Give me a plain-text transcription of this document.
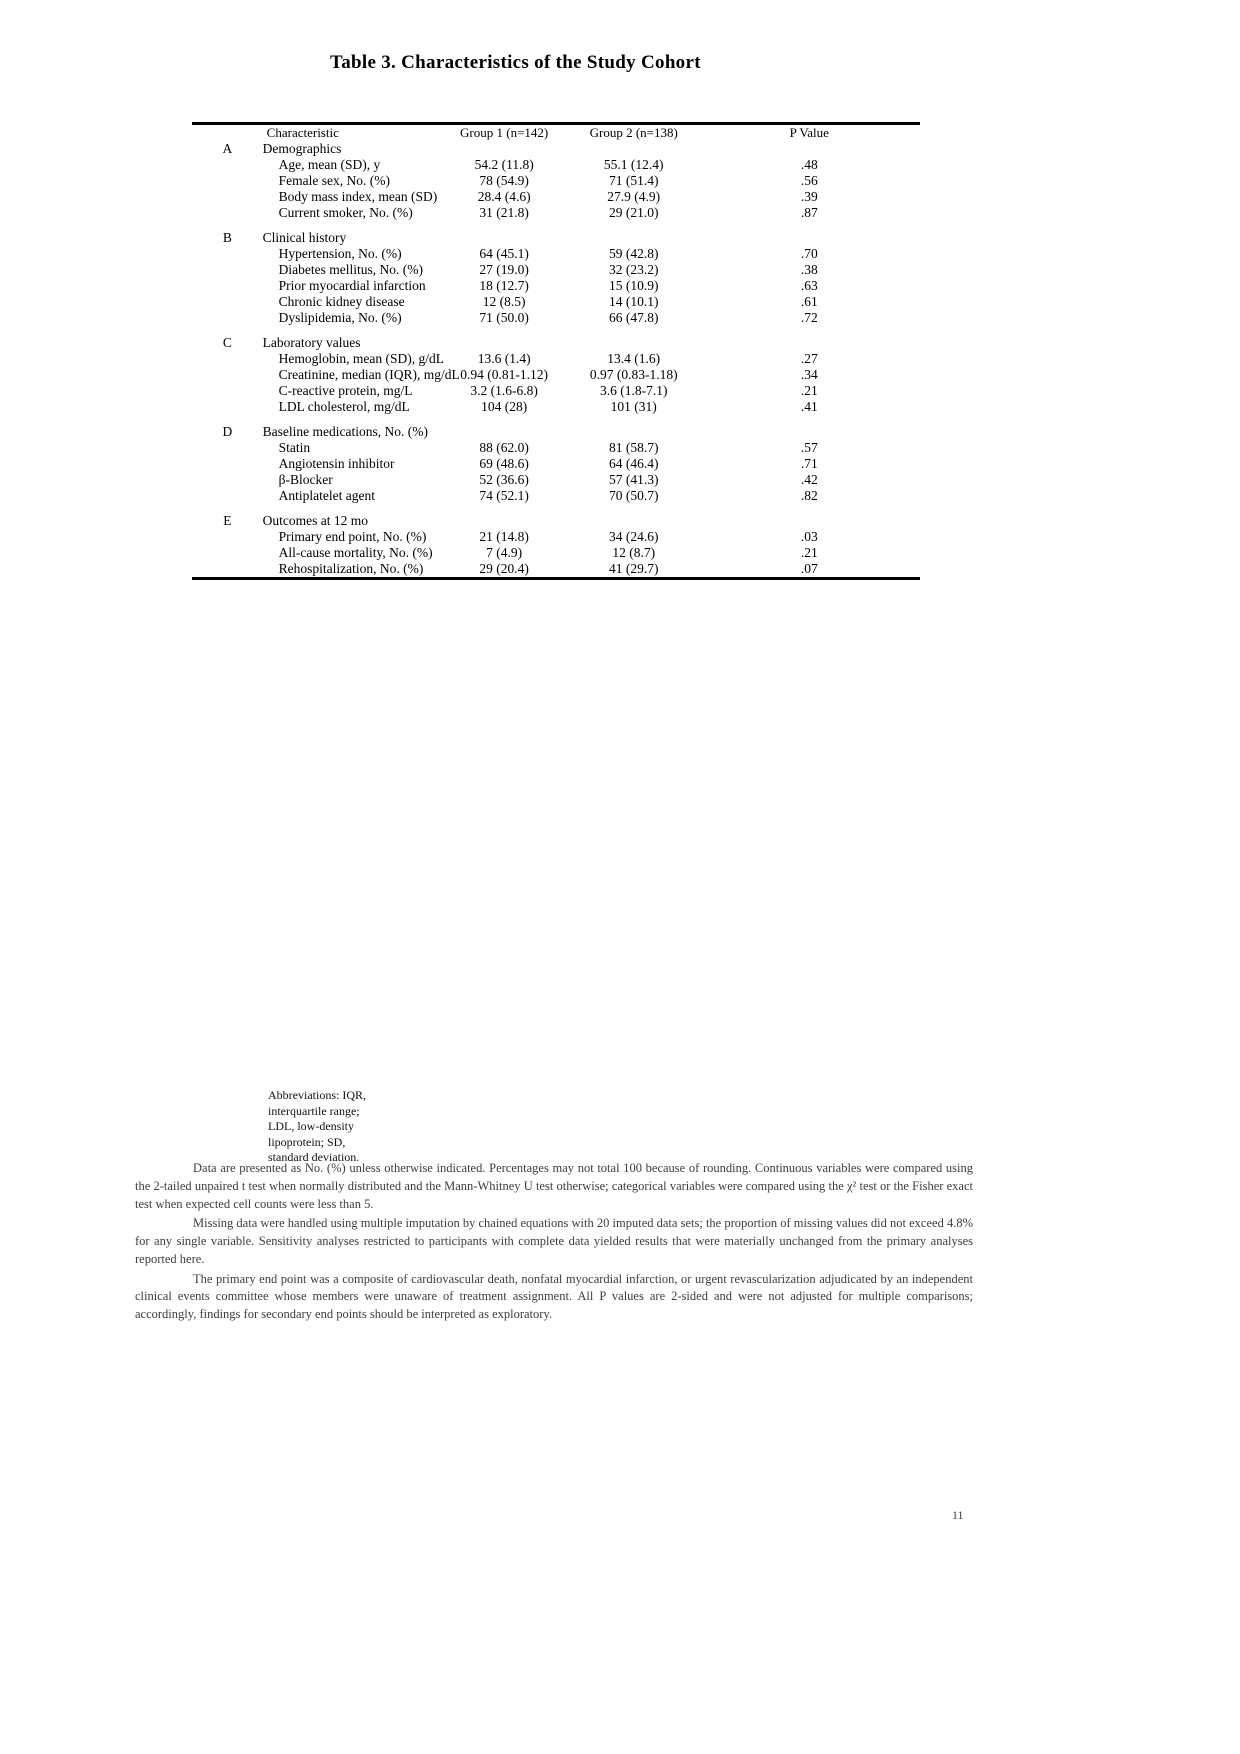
Table 3. Characteristics of the Study Cohort
	Characteristic	Group 1 (n=142)	Group 2 (n=138)	P Value
A	Demographics			
	Age, mean (SD), y	54.2 (11.8)	55.1 (12.4)	.48
	Female sex, No. (%)	78 (54.9)	71 (51.4)	.56
	Body mass index, mean (SD)	28.4 (4.6)	27.9 (4.9)	.39
	Current smoker, No. (%)	31 (21.8)	29 (21.0)	.87

B	Clinical history			
	Hypertension, No. (%)	64 (45.1)	59 (42.8)	.70
	Diabetes mellitus, No. (%)	27 (19.0)	32 (23.2)	.38
	Prior myocardial infarction	18 (12.7)	15 (10.9)	.63
	Chronic kidney disease	12 (8.5)	14 (10.1)	.61
	Dyslipidemia, No. (%)	71 (50.0)	66 (47.8)	.72

C	Laboratory values			
	Hemoglobin, mean (SD), g/dL	13.6 (1.4)	13.4 (1.6)	.27
	Creatinine, median (IQR), mg/dL	0.94 (0.81-1.12)	0.97 (0.83-1.18)	.34
	C-reactive protein, mg/L	3.2 (1.6-6.8)	3.6 (1.8-7.1)	.21
	LDL cholesterol, mg/dL	104 (28)	101 (31)	.41

D	Baseline medications, No. (%)			
	Statin	88 (62.0)	81 (58.7)	.57
	Angiotensin inhibitor	69 (48.6)	64 (46.4)	.71
	β-Blocker	52 (36.6)	57 (41.3)	.42
	Antiplatelet agent	74 (52.1)	70 (50.7)	.82

E	Outcomes at 12 mo			
	Primary end point, No. (%)	21 (14.8)	34 (24.6)	.03
	All-cause mortality, No. (%)	7 (4.9)	12 (8.7)	.21
	Rehospitalization, No. (%)	29 (20.4)	41 (29.7)	.07
Abbreviations: IQR, interquartile range; LDL, low-density lipoprotein; SD, standard deviation.

Data are presented as No. (%) unless otherwise indicated. Percentages may not total 100 because of rounding. Continuous variables were compared using the 2-tailed unpaired t test when normally distributed and the Mann-Whitney U test otherwise; categorical variables were compared using the χ² test or the Fisher exact test when expected cell counts were less than 5.

Missing data were handled using multiple imputation by chained equations with 20 imputed data sets; the proportion of missing values did not exceed 4.8% for any single variable. Sensitivity analyses restricted to participants with complete data yielded results that were materially unchanged from the primary analyses reported here.

The primary end point was a composite of cardiovascular death, nonfatal myocardial infarction, or urgent revascularization adjudicated by an independent clinical events committee whose members were unaware of treatment assignment. All P values are 2-sided and were not adjusted for multiple comparisons; accordingly, findings for secondary end points should be interpreted as exploratory.

11
